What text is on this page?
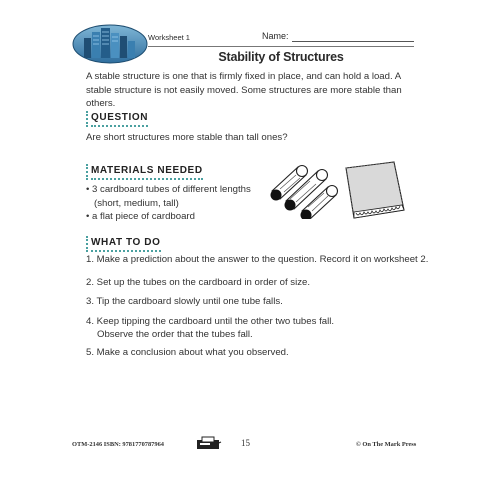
Worksheet 1	Name:
Stability of Structures
A stable structure is one that is firmly fixed in place, and can hold a load. A stable structure is not easily moved. Some structures are more stable than others.
QUESTION
Are short structures more stable than tall ones?
MATERIALS NEEDED
• 3 cardboard tubes of different lengths
(short, medium, tall)
• a flat piece of cardboard
WHAT TO DO
1. Make a prediction about the answer to the question. Record it on worksheet 2.
2. Set up the tubes on the cardboard in order of size.
3. Tip the cardboard slowly until one tube falls.
4. Keep tipping the cardboard until the other two tubes fall.
Observe the order that the tubes fall.
5. Make a conclusion about what you observed.
OTM-2146 ISBN: 9781770787964	15	© On The Mark Press
